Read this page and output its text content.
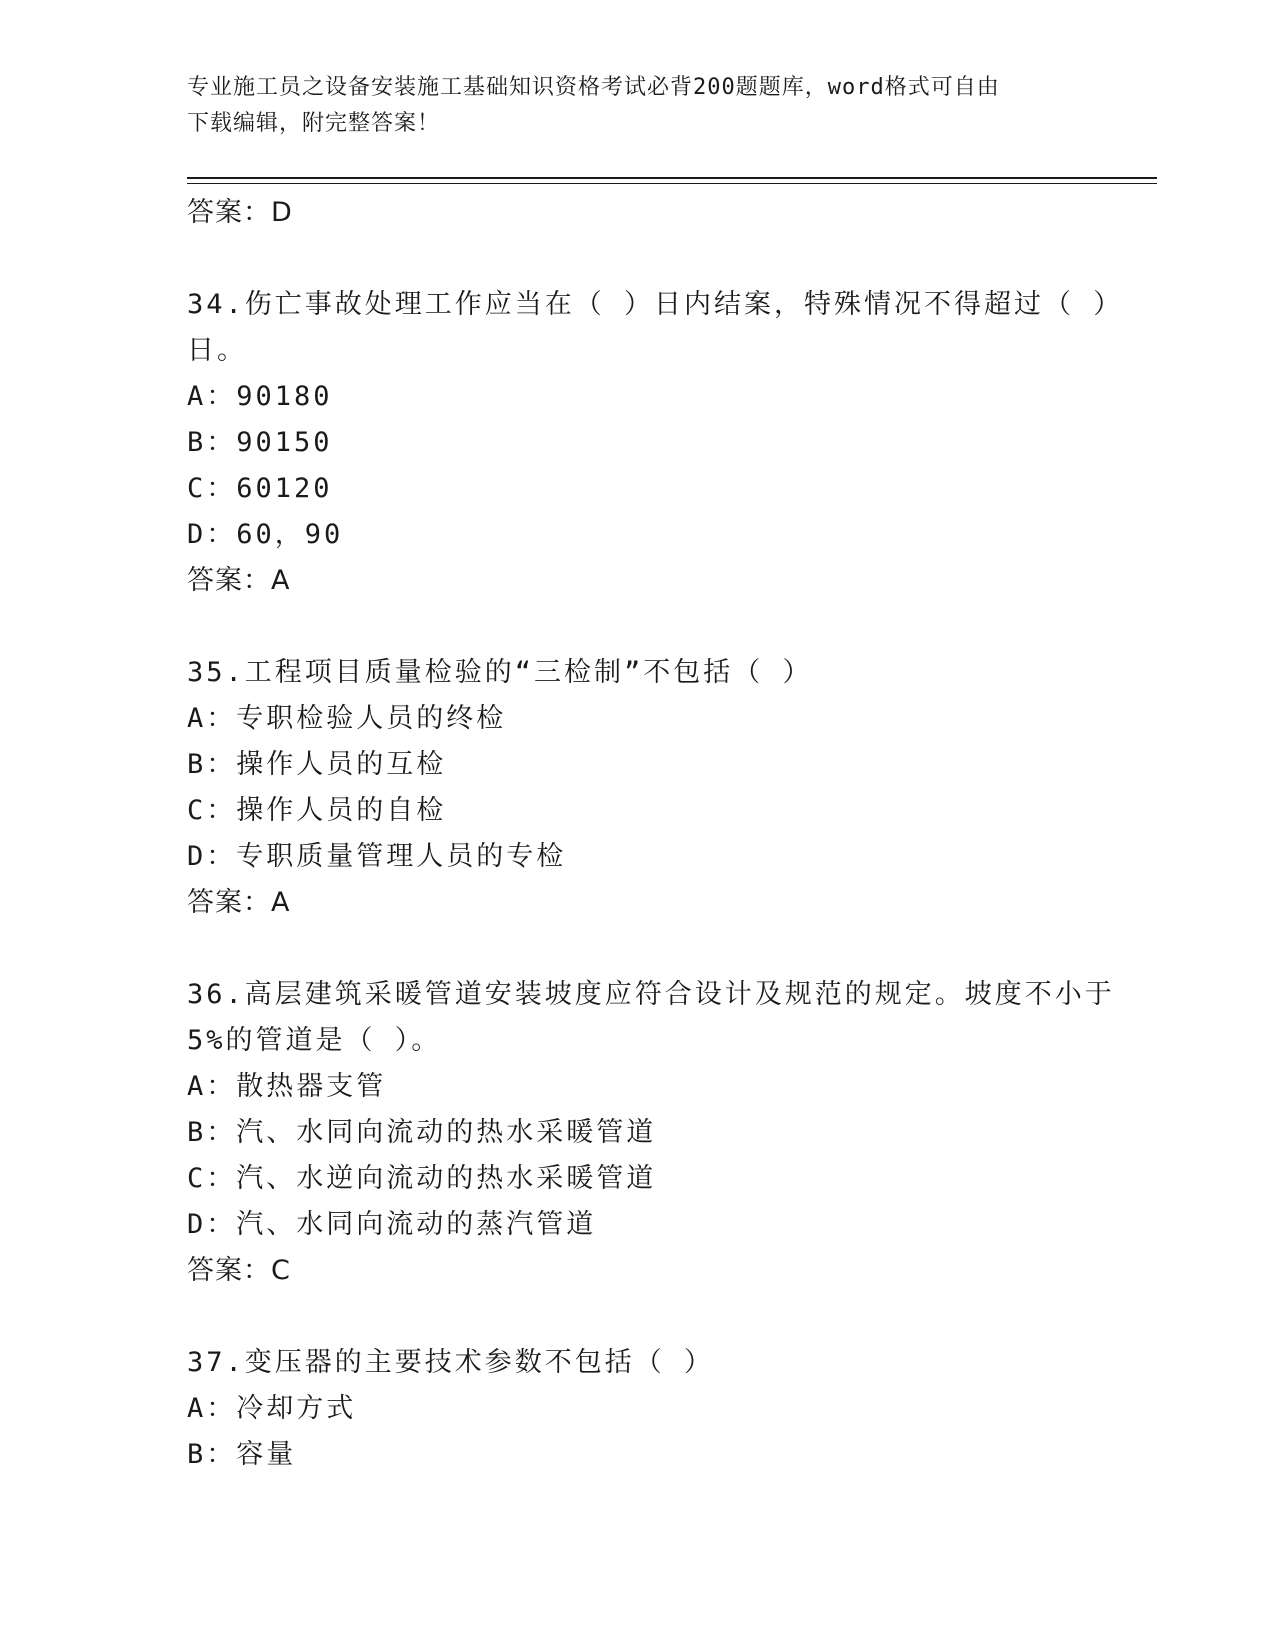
专业施工员之设备安装施工基础知识资格考试必背200题题库，word格式可自由
下载编辑，附完整答案！
答案：D
34.伤亡事故处理工作应当在（ ）日内结案，特殊情况不得超过（ ）
日。
A：90180
B：90150
C：60120
D：60，90
答案：A
35.工程项目质量检验的“三检制”不包括（ ）
A：专职检验人员的终检
B：操作人员的互检
C：操作人员的自检
D：专职质量管理人员的专检
答案：A
36.高层建筑采暖管道安装坡度应符合设计及规范的规定。坡度不小于
5%的管道是（ ）。
A：散热器支管
B：汽、水同向流动的热水采暖管道
C：汽、水逆向流动的热水采暖管道
D：汽、水同向流动的蒸汽管道
答案：C
37.变压器的主要技术参数不包括（ ）
A：冷却方式
B：容量
